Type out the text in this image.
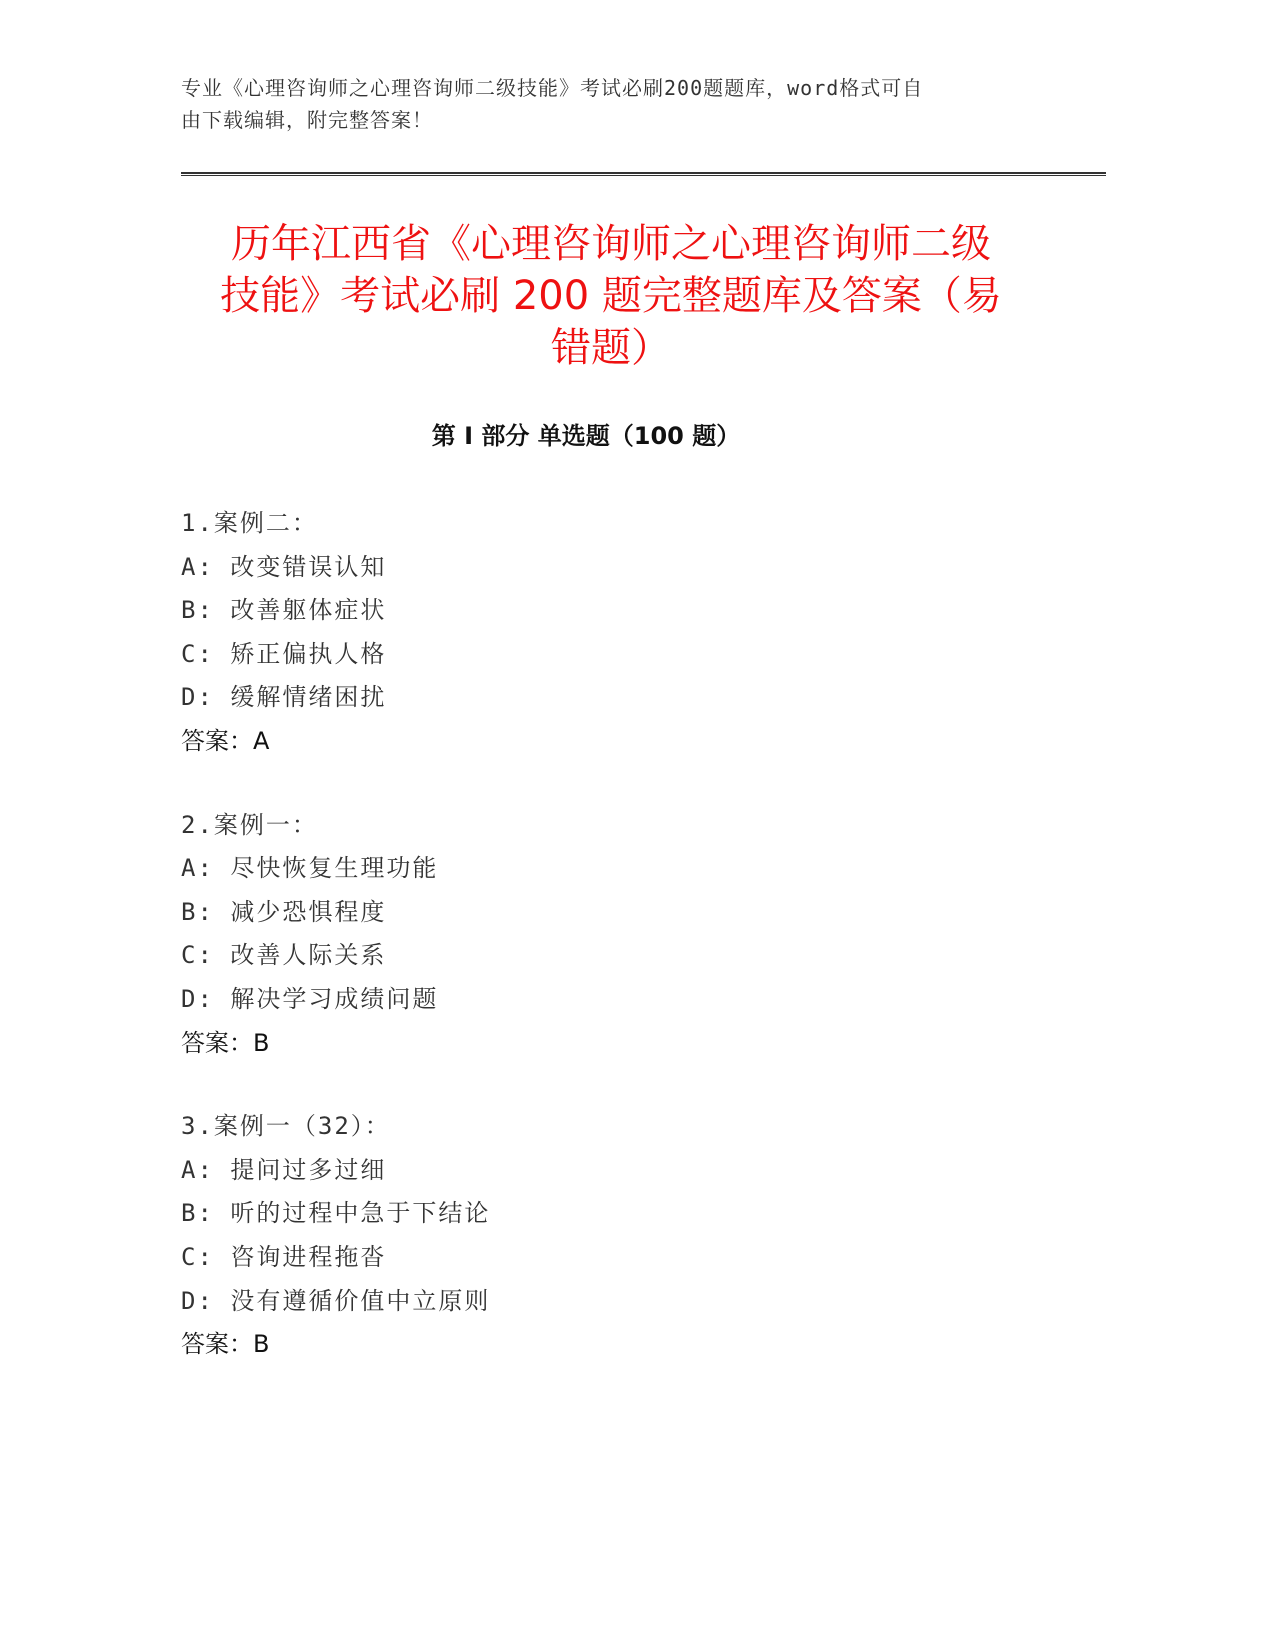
专业《心理咨询师之心理咨询师二级技能》考试必刷200题题库，word格式可自
由下载编辑，附完整答案！
历年江西省《心理咨询师之心理咨询师二级
技能》考试必刷 200 题完整题库及答案（易
错题）
第 I 部分 单选题（100 题）
1.案例二：
A: 改变错误认知
B: 改善躯体症状
C: 矫正偏执人格
D: 缓解情绪困扰
答案：A
2.案例一：
A: 尽快恢复生理功能
B: 减少恐惧程度
C: 改善人际关系
D: 解决学习成绩问题
答案：B
3.案例一（32）：
A: 提问过多过细
B: 听的过程中急于下结论
C: 咨询进程拖沓
D: 没有遵循价值中立原则
答案：B
